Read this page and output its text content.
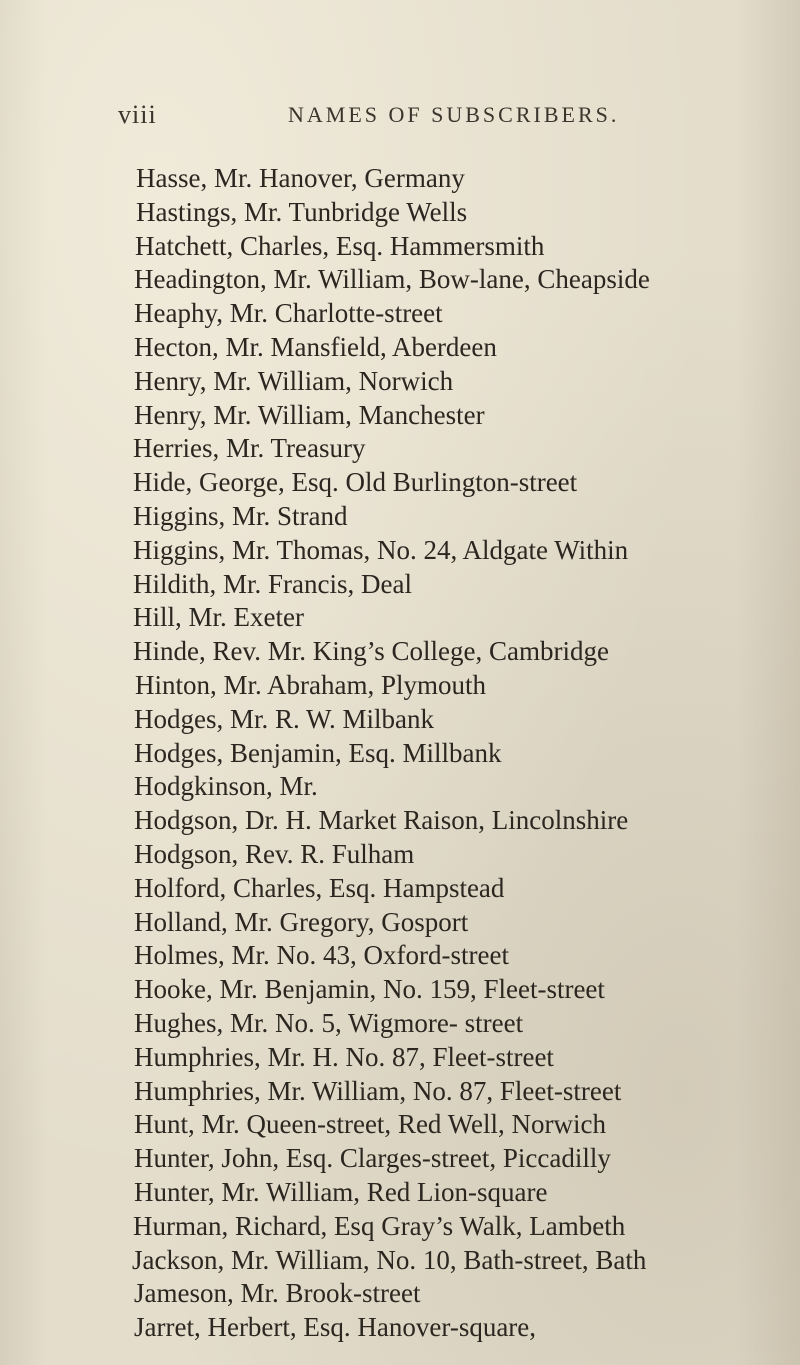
viii	NAMES OF SUBSCRIBERS.
Hasse, Mr. Hanover, Germany
Hastings, Mr. Tunbridge Wells
Hatchett, Charles, Esq. Hammersmith
Headington, Mr. William, Bow-lane, Cheapside
Heaphy, Mr. Charlotte-street
Hecton, Mr. Mansfield, Aberdeen
Henry, Mr. William, Norwich
Henry, Mr. William, Manchester
Herries, Mr. Treasury
Hide, George, Esq. Old Burlington-street
Higgins, Mr. Strand
Higgins, Mr. Thomas, No. 24, Aldgate Within
Hildith, Mr. Francis, Deal
Hill, Mr. Exeter
Hinde, Rev. Mr. King’s College, Cambridge
Hinton, Mr. Abraham, Plymouth
Hodges, Mr. R. W. Milbank
Hodges, Benjamin, Esq. Millbank
Hodgkinson, Mr.
Hodgson, Dr. H. Market Raison, Lincolnshire
Hodgson, Rev. R. Fulham
Holford, Charles, Esq. Hampstead
Holland, Mr. Gregory, Gosport
Holmes, Mr. No. 43, Oxford-street
Hooke, Mr. Benjamin, No. 159, Fleet-street
Hughes, Mr. No. 5, Wigmore- street
Humphries, Mr. H. No. 87, Fleet-street
Humphries, Mr. William, No. 87, Fleet-street
Hunt, Mr. Queen-street, Red Well, Norwich
Hunter, John, Esq. Clarges-street, Piccadilly
Hunter, Mr. William, Red Lion-square
Hurman, Richard, Esq Gray’s Walk, Lambeth
Jackson, Mr. William, No. 10, Bath-street, Bath
Jameson, Mr. Brook-street
Jarret, Herbert, Esq. Hanover-square,
